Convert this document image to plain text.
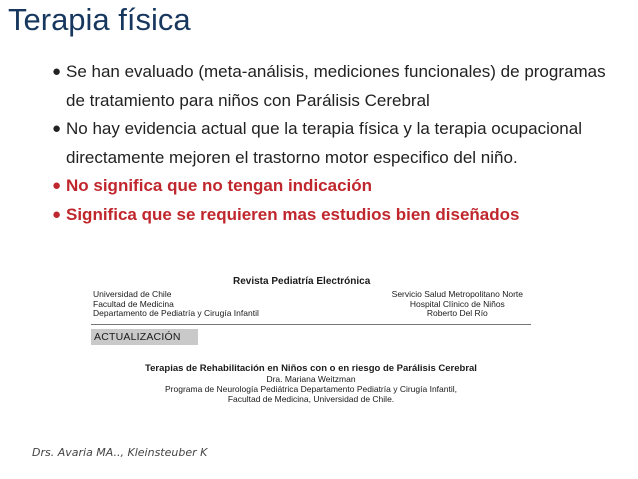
Terapia física
● Se han evaluado (meta-análisis, mediciones funcionales) de programas de tratamiento para niños con Parálisis Cerebral
● No hay evidencia actual que la terapia física y la terapia ocupacional directamente mejoren el trastorno motor especifico del niño.
● No significa que no tengan indicación
● Significa que se requieren mas estudios bien diseñados
Revista Pediatría Electrónica
Universidad de Chile
Facultad de Medicina
Departamento de Pediatría y Cirugía Infantil
Servicio Salud Metropolitano Norte
Hospital Clínico de Niños
Roberto Del Río
ACTUALIZACIÓN
Terapias de Rehabilitación en Niños con o en riesgo de Parálisis Cerebral
Dra. Mariana Weitzman
Programa de Neurología Pediátrica Departamento Pediatría y Cirugía Infantil,
Facultad de Medicina, Universidad de Chile.
Drs. Avaria MA.., Kleinsteuber K
